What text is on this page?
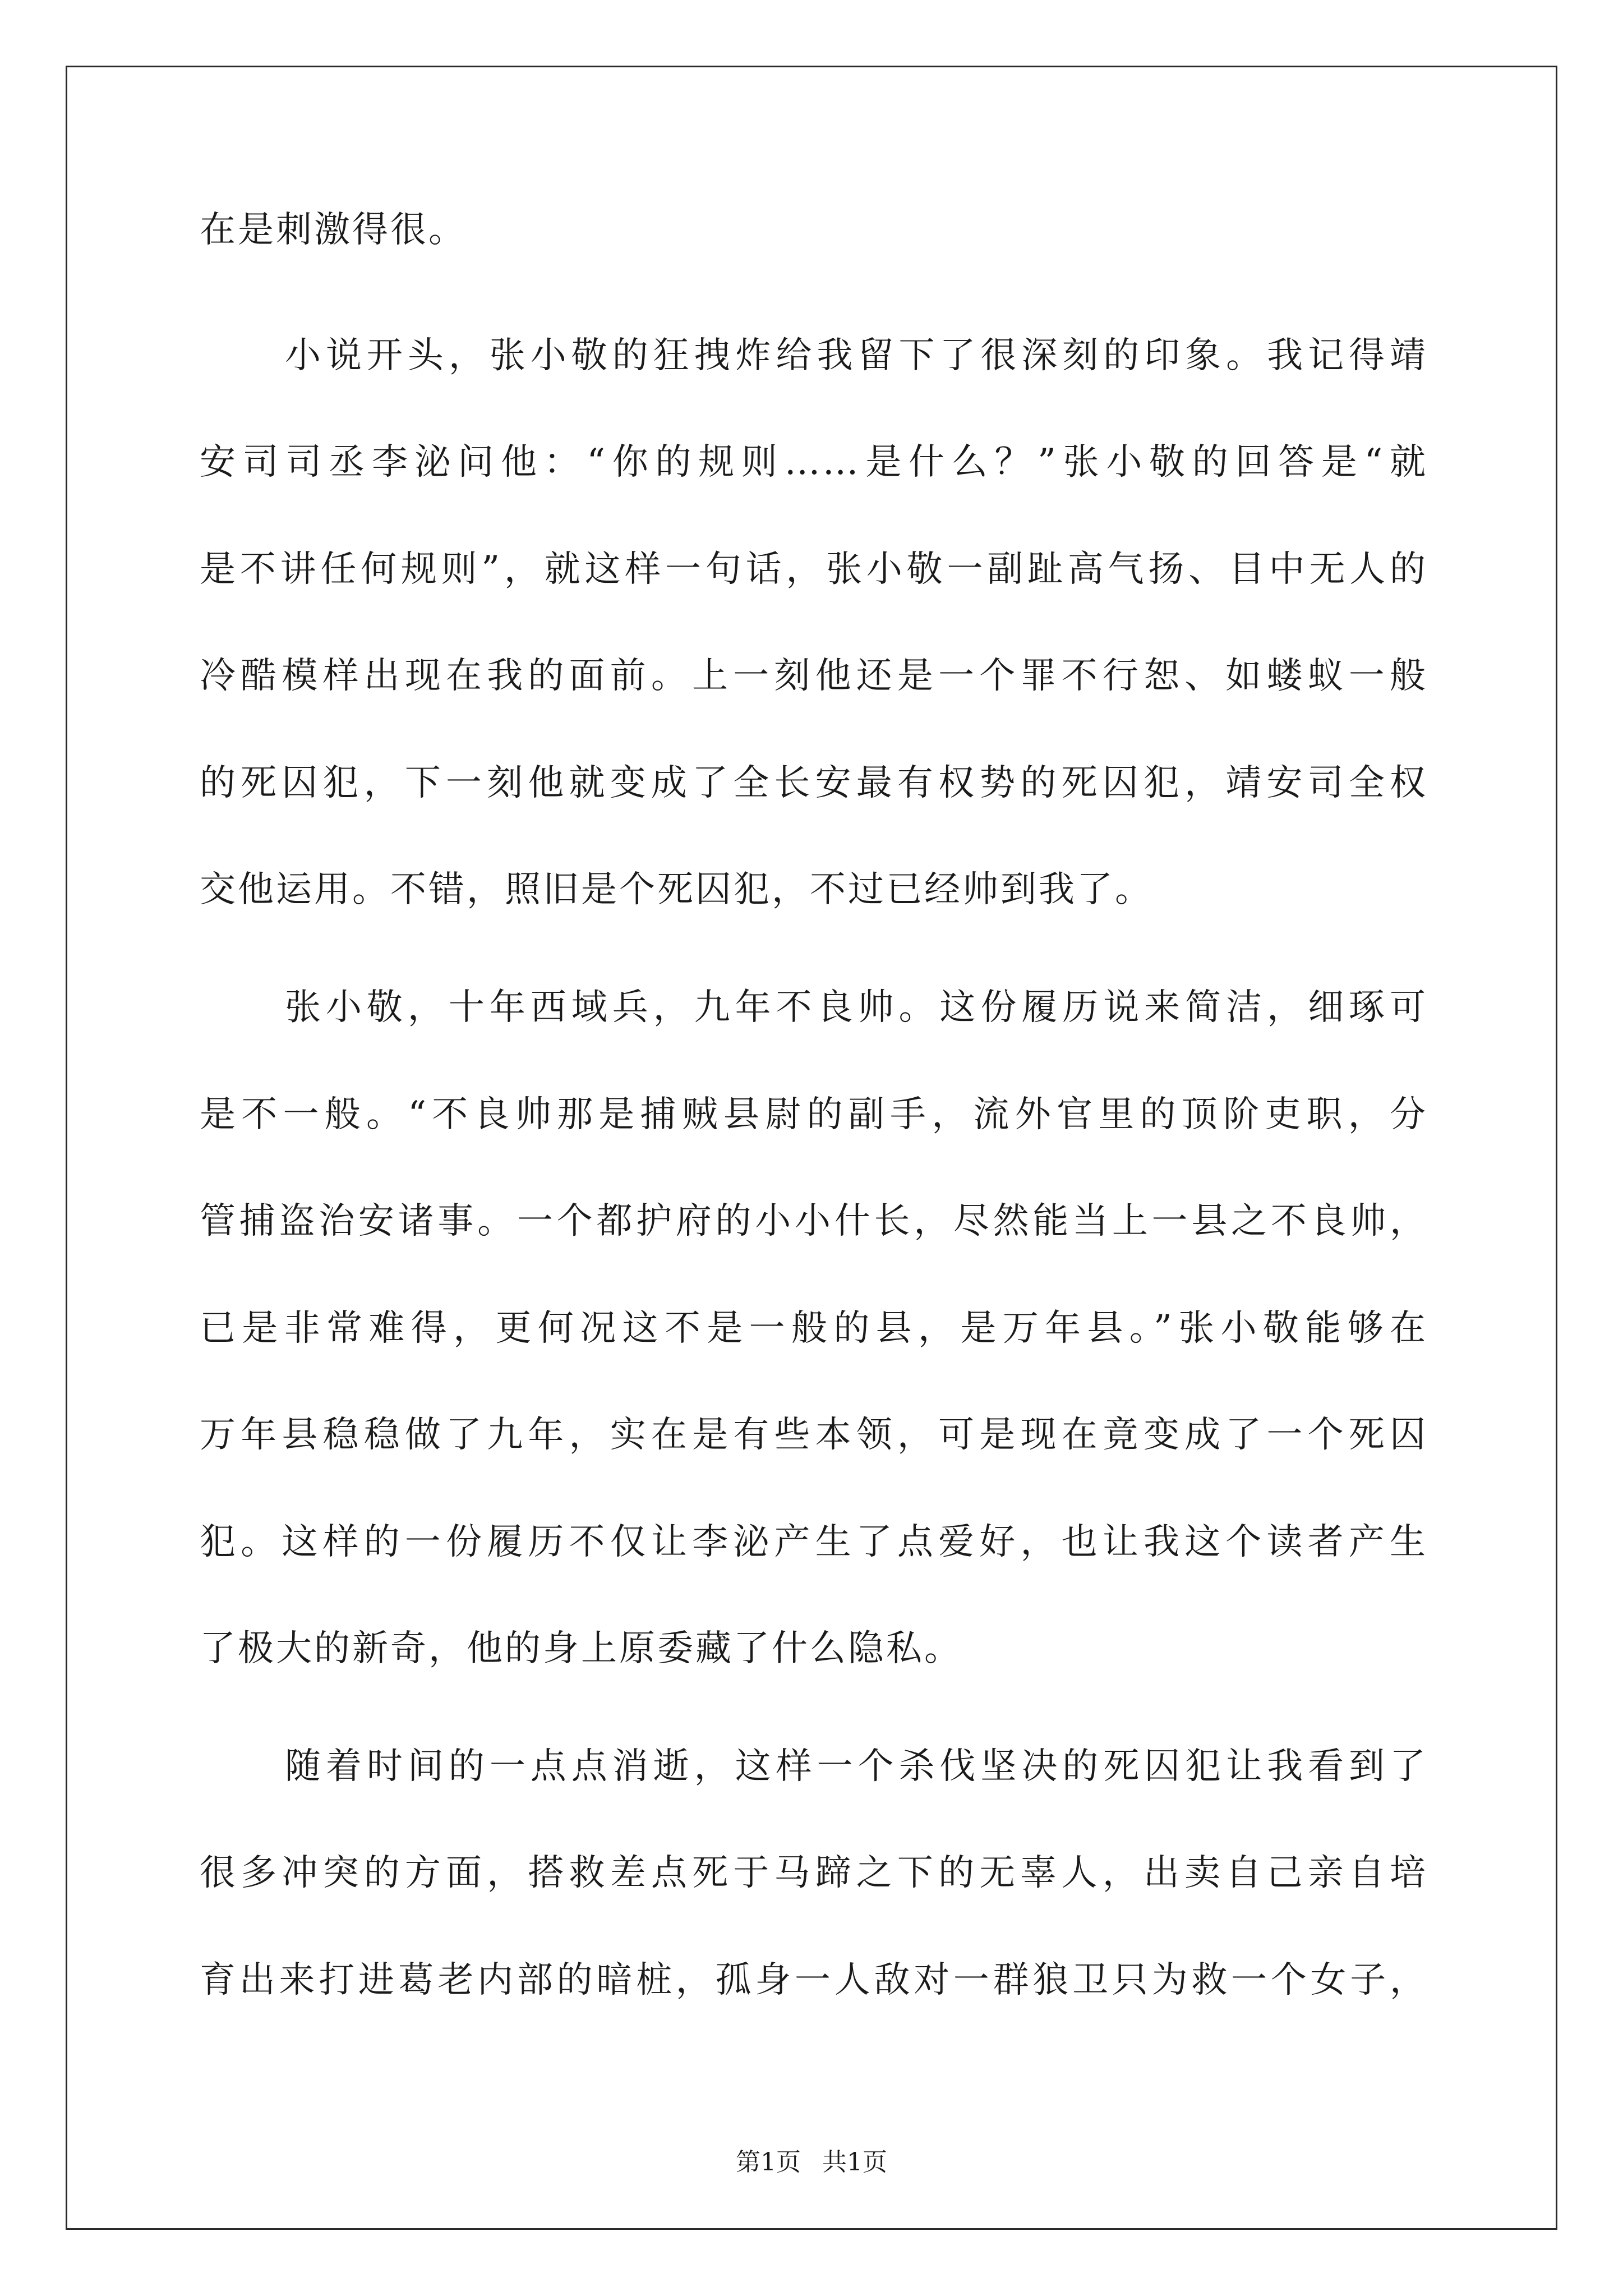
在是刺激得很。
小说开头，张小敬的狂拽炸给我留下了很深刻的印象。我记得靖
安司司丞李泌问他：“你的规则……是什么？”张小敬的回答是“就
是不讲任何规则”，就这样一句话，张小敬一副趾高气扬、目中无人的
冷酷模样出现在我的面前。上一刻他还是一个罪不行恕、如蝼蚁一般
的死囚犯，下一刻他就变成了全长安最有权势的死囚犯，靖安司全权
交他运用。不错，照旧是个死囚犯，不过已经帅到我了。
张小敬，十年西域兵，九年不良帅。这份履历说来简洁，细琢可
是不一般。“不良帅那是捕贼县尉的副手，流外官里的顶阶吏职，分
管捕盗治安诸事。一个都护府的小小什长，尽然能当上一县之不良帅，
已是非常难得，更何况这不是一般的县，是万年县。”张小敬能够在
万年县稳稳做了九年，实在是有些本领，可是现在竟变成了一个死囚
犯。这样的一份履历不仅让李泌产生了点爱好，也让我这个读者产生
了极大的新奇，他的身上原委藏了什么隐私。
随着时间的一点点消逝，这样一个杀伐坚决的死囚犯让我看到了
很多冲突的方面，搭救差点死于马蹄之下的无辜人，出卖自己亲自培
育出来打进葛老内部的暗桩，孤身一人敌对一群狼卫只为救一个女子，
第1页 共1页
